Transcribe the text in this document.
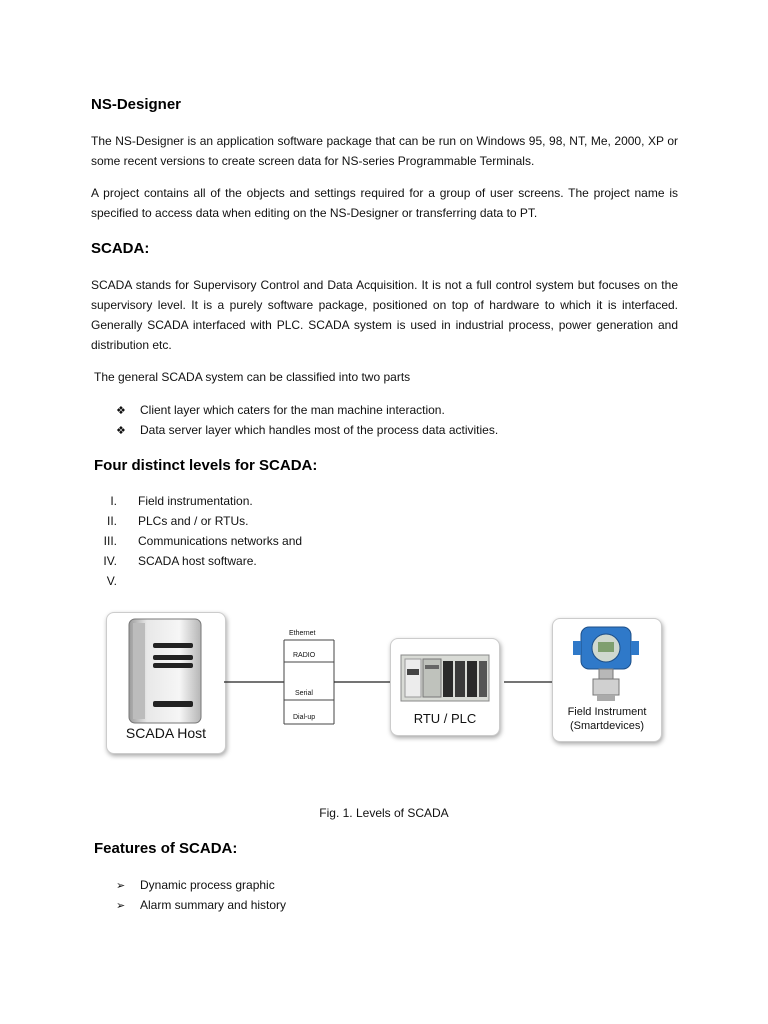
NS-Designer

The NS-Designer is an application software package that can be run on Windows 95, 98, NT, Me, 2000, XP or some recent versions to create screen data for NS-series Programmable Terminals.

A project contains all of the objects and settings required for a group of user screens. The project name is specified to access data when editing on the NS-Designer or transferring data to PT.

SCADA:

SCADA stands for Supervisory Control and Data Acquisition. It is not a full control system but focuses on the supervisory level. It is a purely software package, positioned on top of hardware to which it is interfaced. Generally SCADA interfaced with PLC. SCADA system is used in industrial process, power generation and distribution etc.

The general SCADA system can be classified into two parts

❖ Client layer which caters for the man machine interaction.
❖ Data server layer which handles most of the process data activities.
Four distinct levels for SCADA:
I. Field instrumentation.
II. PLCs and / or RTUs.
III. Communications networks and
IV. SCADA host software.
V.
SCADA Host
Ethernet
RADIO
Serial
Dial-up	RTU / PLC	Field Instrument
(Smartdevices)
Fig. 1. Levels of SCADA
Features of SCADA:
➢ Dynamic process graphic
➢ Alarm summary and history
